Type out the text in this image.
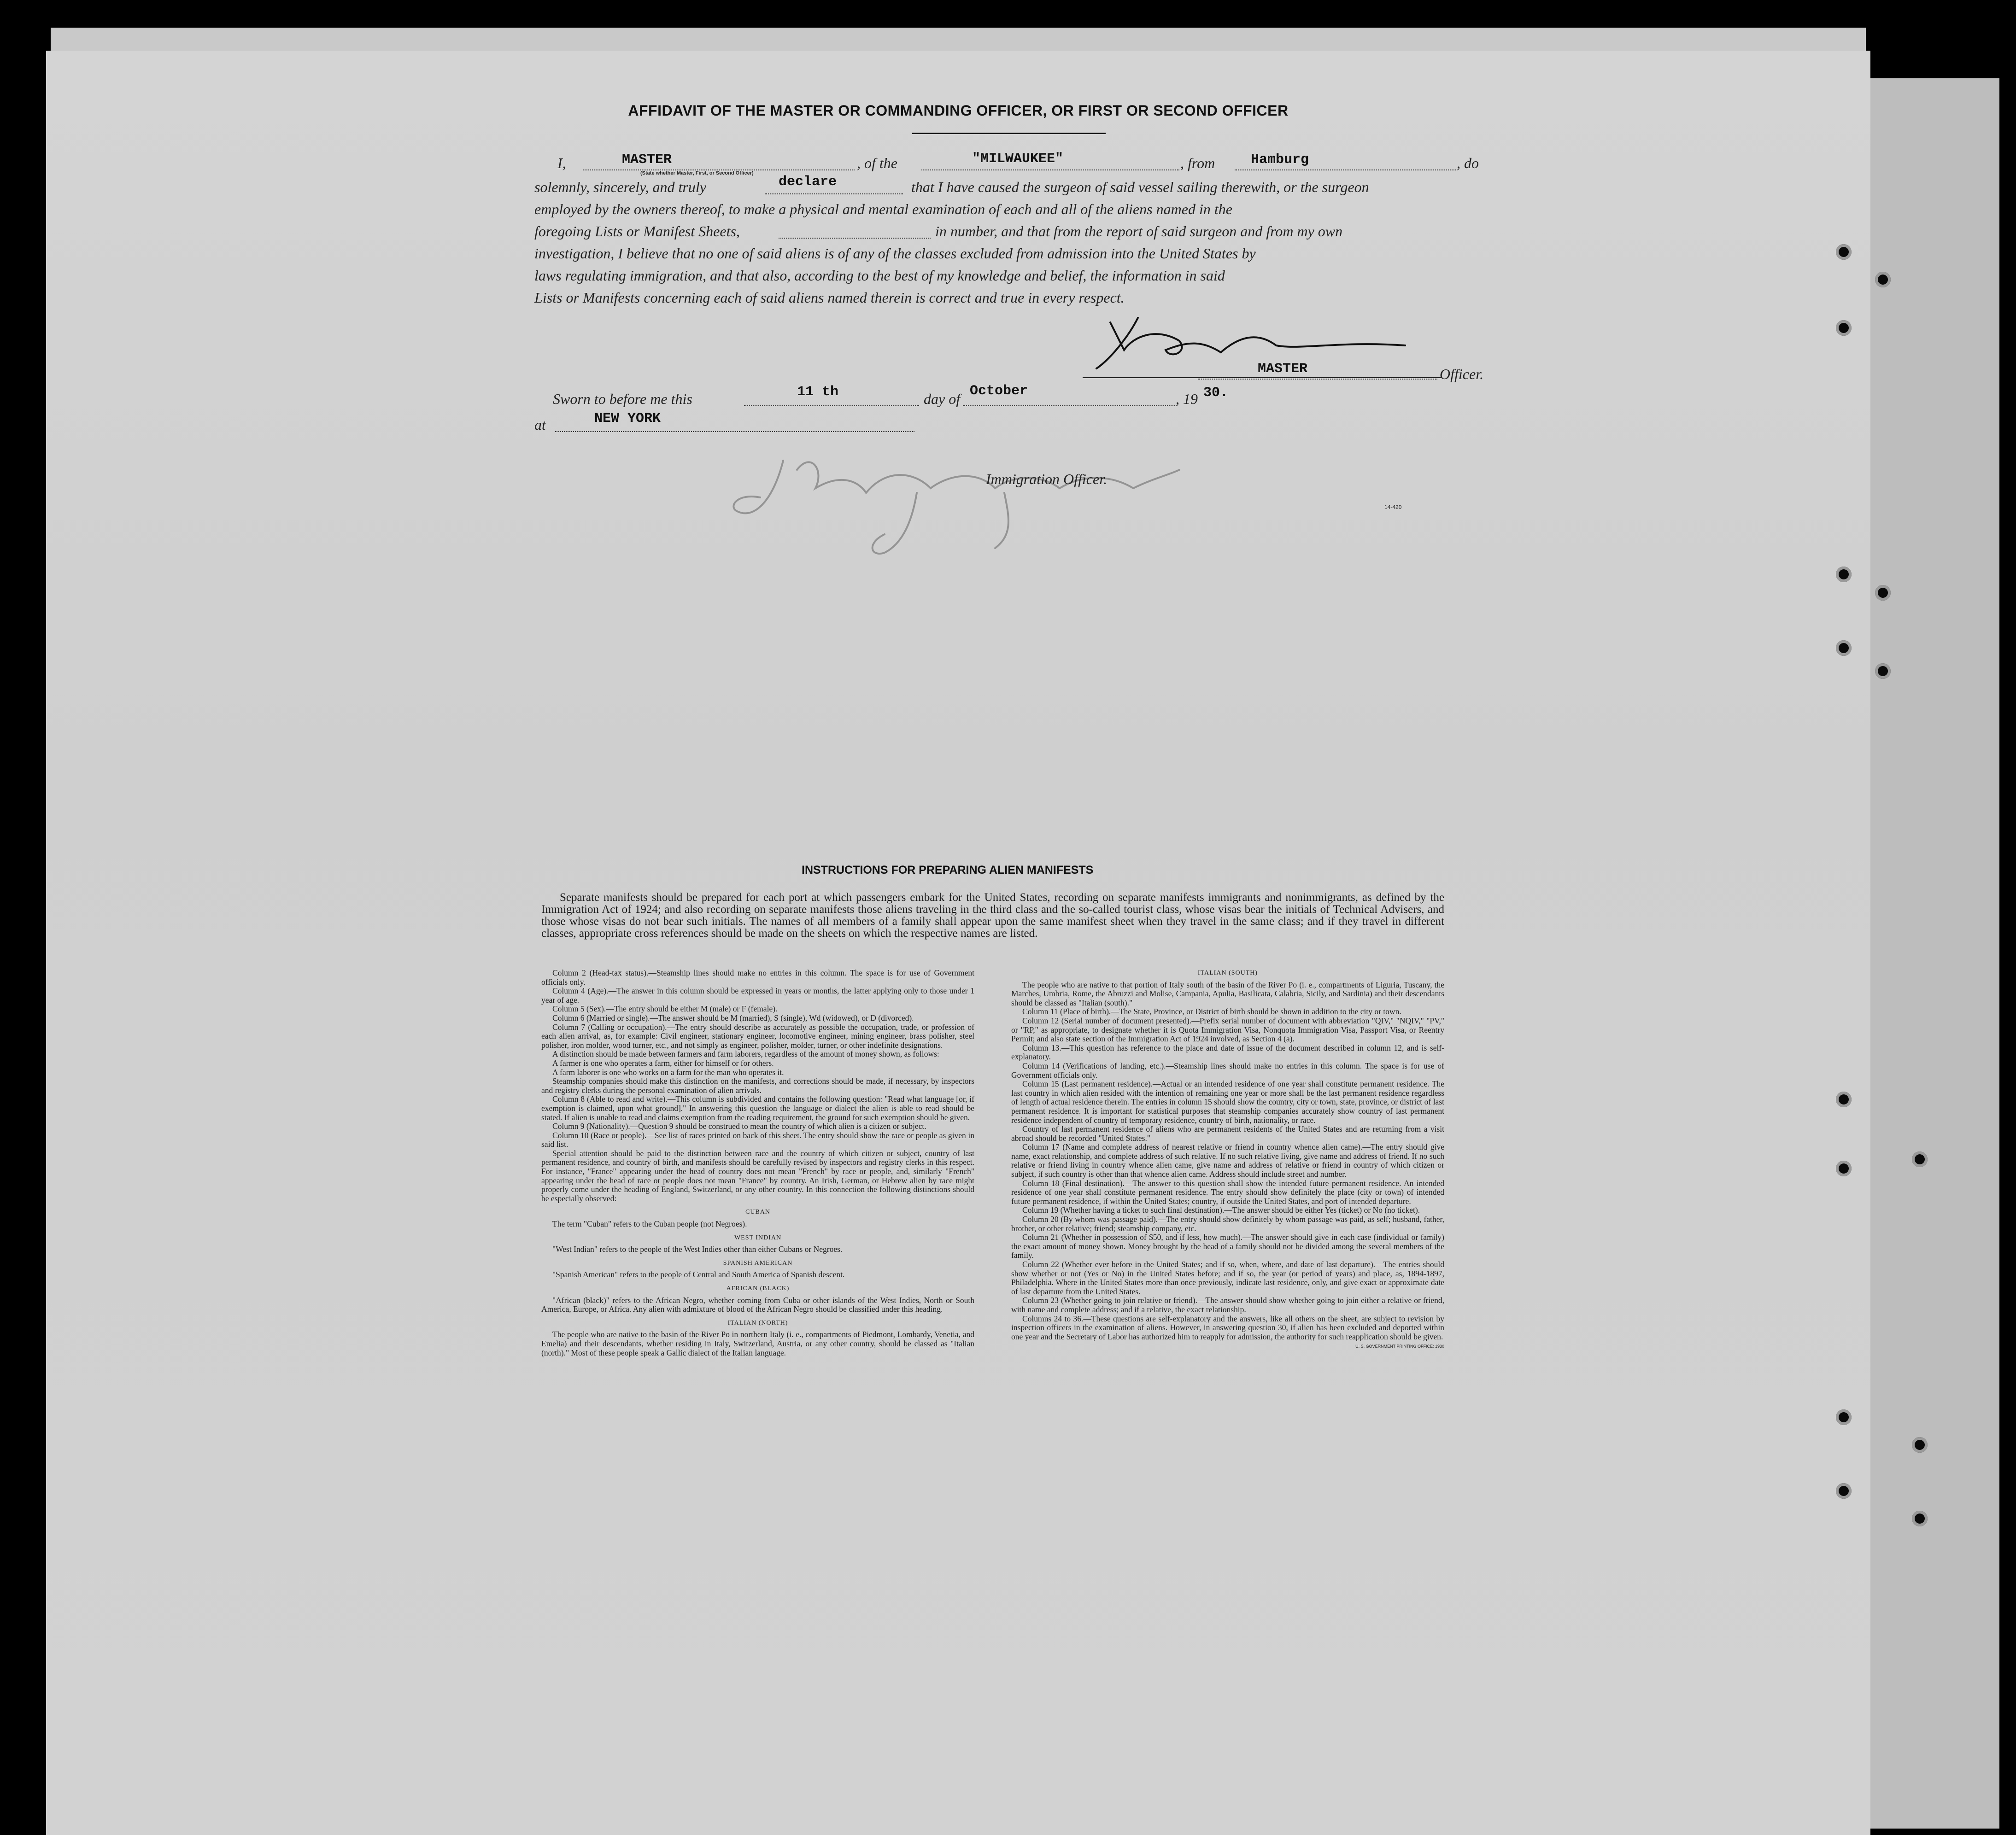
AFFIDAVIT OF THE MASTER OR COMMANDING OFFICER, OR FIRST OR SECOND OFFICER
I,	MASTER
(State whether Master, First, or Second Officer)
, of the	"MILWAUKEE"	, from	Hamburg	, do
solemnly, sincerely, and truly	declare	that I have caused the surgeon of said vessel sailing therewith, or the surgeon
employed by the owners thereof, to make a physical and mental examination of each and all of the aliens named in the
foregoing Lists or Manifest Sheets,	in number, and that from the report of said surgeon and from my own
investigation, I believe that no one of said aliens is of any of the classes excluded from admission into the United States by
laws regulating immigration, and that also, according to the best of my knowledge and belief, the information in said
Lists or Manifests concerning each of said aliens named therein is correct and true in every respect.
MASTER	Officer.
Sworn to before me this	11 th	day of October	, 19 30.
at	NEW YORK
Immigration Officer.
14-420
INSTRUCTIONS FOR PREPARING ALIEN MANIFESTS

Separate manifests should be prepared for each port at which passengers embark for the United States, recording on separate manifests immigrants and nonimmigrants, as defined by the Immigration Act of 1924; and also recording on separate manifests those aliens traveling in the third class and the so-called tourist class, whose visas bear the initials of Technical Advisers, and those whose visas do not bear such initials. The names of all members of a family shall appear upon the same manifest sheet when they travel in the same class; and if they travel in different classes, appropriate cross references should be made on the sheets on which the respective names are listed.

Column 2 (Head-tax status).—Steamship lines should make no entries in this column. The space is for use of Government officials only.

Column 4 (Age).—The answer in this column should be expressed in years or months, the latter applying only to those under 1 year of age.

Column 5 (Sex).—The entry should be either M (male) or F (female).

Column 6 (Married or single).—The answer should be M (married), S (single), Wd (widowed), or D (divorced).

Column 7 (Calling or occupation).—The entry should describe as accurately as possible the occupation, trade, or profession of each alien arrival, as, for example: Civil engineer, stationary engineer, locomotive engineer, mining engineer, brass polisher, steel polisher, iron molder, wood turner, etc., and not simply as engineer, polisher, molder, turner, or other indefinite designations.

A distinction should be made between farmers and farm laborers, regardless of the amount of money shown, as follows:

A farmer is one who operates a farm, either for himself or for others.

A farm laborer is one who works on a farm for the man who operates it.

Steamship companies should make this distinction on the manifests, and corrections should be made, if necessary, by inspectors and registry clerks during the personal examination of alien arrivals.

Column 8 (Able to read and write).—This column is subdivided and contains the following question: "Read what language [or, if exemption is claimed, upon what ground]." In answering this question the language or dialect the alien is able to read should be stated. If alien is unable to read and claims exemption from the reading requirement, the ground for such exemption should be given.

Column 9 (Nationality).—Question 9 should be construed to mean the country of which alien is a citizen or subject.

Column 10 (Race or people).—See list of races printed on back of this sheet. The entry should show the race or people as given in said list.

Special attention should be paid to the distinction between race and the country of which citizen or subject, country of last permanent residence, and country of birth, and manifests should be carefully revised by inspectors and registry clerks in this respect. For instance, "France" appearing under the head of country does not mean "French" by race or people, and, similarly "French" appearing under the head of race or people does not mean "France" by country. An Irish, German, or Hebrew alien by race might properly come under the heading of England, Switzerland, or any other country. In this connection the following distinctions should be especially observed:

CUBAN

The term "Cuban" refers to the Cuban people (not Negroes).

WEST INDIAN

"West Indian" refers to the people of the West Indies other than either Cubans or Negroes.

SPANISH AMERICAN

"Spanish American" refers to the people of Central and South America of Spanish descent.

AFRICAN (BLACK)

"African (black)" refers to the African Negro, whether coming from Cuba or other islands of the West Indies, North or South America, Europe, or Africa. Any alien with admixture of blood of the African Negro should be classified under this heading.

ITALIAN (NORTH)

The people who are native to the basin of the River Po in northern Italy (i. e., compartments of Piedmont, Lombardy, Venetia, and Emelia) and their descendants, whether residing in Italy, Switzerland, Austria, or any other country, should be classed as "Italian (north)." Most of these people speak a Gallic dialect of the Italian language.

ITALIAN (SOUTH)

The people who are native to that portion of Italy south of the basin of the River Po (i. e., compartments of Liguria, Tuscany, the Marches, Umbria, Rome, the Abruzzi and Molise, Campania, Apulia, Basilicata, Calabria, Sicily, and Sardinia) and their descendants should be classed as "Italian (south)."

Column 11 (Place of birth).—The State, Province, or District of birth should be shown in addition to the city or town.

Column 12 (Serial number of document presented).—Prefix serial number of document with abbreviation "QIV," "NQIV," "PV," or "RP," as appropriate, to designate whether it is Quota Immigration Visa, Nonquota Immigration Visa, Passport Visa, or Reentry Permit; and also state section of the Immigration Act of 1924 involved, as Section 4 (a).

Column 13.—This question has reference to the place and date of issue of the document described in column 12, and is self-explanatory.

Column 14 (Verifications of landing, etc.).—Steamship lines should make no entries in this column. The space is for use of Government officials only.

Column 15 (Last permanent residence).—Actual or an intended residence of one year shall constitute permanent residence. The last country in which alien resided with the intention of remaining one year or more shall be the last permanent residence regardless of length of actual residence therein. The entries in column 15 should show the country, city or town, state, province, or district of last permanent residence. It is important for statistical purposes that steamship companies accurately show country of last permanent residence independent of country of temporary residence, country of birth, nationality, or race.

Country of last permanent residence of aliens who are permanent residents of the United States and are returning from a visit abroad should be recorded "United States."

Column 17 (Name and complete address of nearest relative or friend in country whence alien came).—The entry should give name, exact relationship, and complete address of such relative. If no such relative living, give name and address of friend. If no such relative or friend living in country whence alien came, give name and address of relative or friend in country of which citizen or subject, if such country is other than that whence alien came. Address should include street and number.

Column 18 (Final destination).—The answer to this question shall show the intended future permanent residence. An intended residence of one year shall constitute permanent residence. The entry should show definitely the place (city or town) of intended future permanent residence, if within the United States; country, if outside the United States, and port of intended departure.

Column 19 (Whether having a ticket to such final destination).—The answer should be either Yes (ticket) or No (no ticket).

Column 20 (By whom was passage paid).—The entry should show definitely by whom passage was paid, as self; husband, father, brother, or other relative; friend; steamship company, etc.

Column 21 (Whether in possession of $50, and if less, how much).—The answer should give in each case (individual or family) the exact amount of money shown. Money brought by the head of a family should not be divided among the several members of the family.

Column 22 (Whether ever before in the United States; and if so, when, where, and date of last departure).—The entries should show whether or not (Yes or No) in the United States before; and if so, the year (or period of years) and place, as, 1894-1897, Philadelphia. Where in the United States more than once previously, indicate last residence, only, and give exact or approximate date of last departure from the United States.

Column 23 (Whether going to join relative or friend).—The answer should show whether going to join either a relative or friend, with name and complete address; and if a relative, the exact relationship.

Columns 24 to 36.—These questions are self-explanatory and the answers, like all others on the sheet, are subject to revision by inspection officers in the examination of aliens. However, in answering question 30, if alien has been excluded and deported within one year and the Secretary of Labor has authorized him to reapply for admission, the authority for such reapplication should be given.

U. S. GOVERNMENT PRINTING OFFICE: 1930
